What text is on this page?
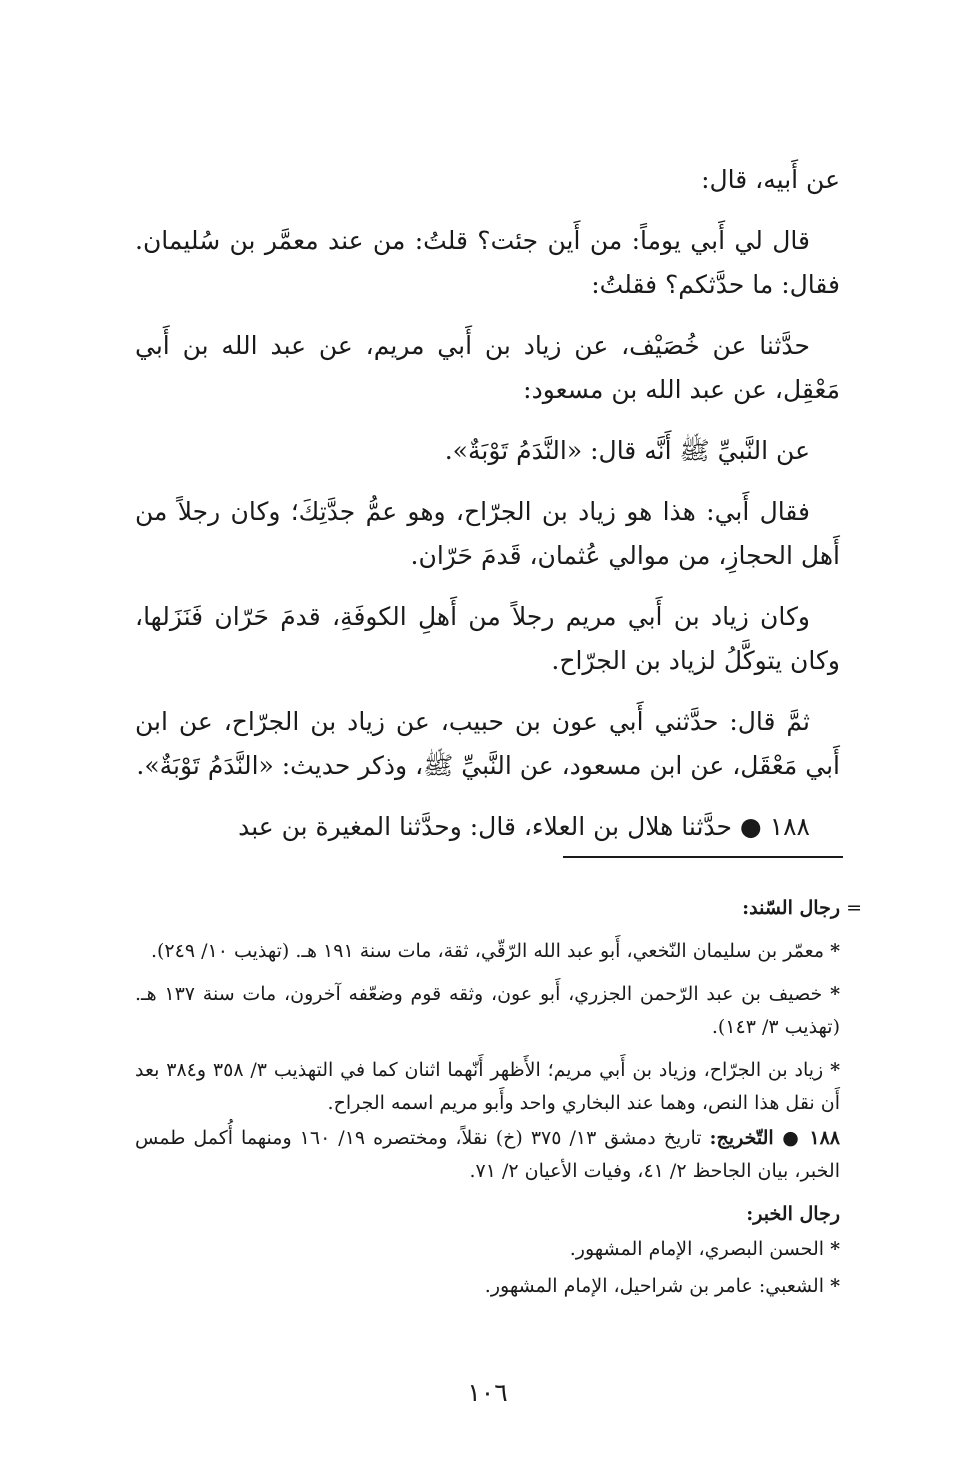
عن أَبيه، قال:

قال لي أَبي يوماً: من أَين جئت؟ قلتُ: من عند معمَّر بن سُليمان. فقال: ما حدَّثكم؟ فقلتُ:

حدَّثنا عن خُصَيْف، عن زياد بن أَبي مريم، عن عبد الله بن أَبي مَعْقِل، عن عبد الله بن مسعود:

عن النَّبيِّ ﷺ أَنَّه قال: «النَّدَمُ تَوْبَةٌ».

فقال أَبي: هذا هو زياد بن الجرّاح، وهو عمُّ جدَّتِكَ؛ وكان رجلاً من أَهل الحجازِ، من موالي عُثمان، قَدمَ حَرّان.

وكان زياد بن أَبي مريم رجلاً من أَهلِ الكوفَةِ، قدمَ حَرّان فَنَزَلها، وكان يتوكَّلُ لزياد بن الجرّاح.

ثمَّ قال: حدَّثني أَبي عون بن حبيب، عن زياد بن الجرّاح، عن ابن أَبي مَعْقَل، عن ابن مسعود، عن النَّبيِّ ﷺ، وذكر حديث: «النَّدَمُ تَوْبَةٌ».

١٨٨ ● حدَّثنا هلال بن العلاء، قال: وحدَّثنا المغيرة بن عبد

=

رجال السّند:

* معمّر بن سليمان النّخعي، أَبو عبد الله الرّقّي، ثقة، مات سنة ١٩١ هـ. (تهذيب ١٠/ ٢٤٩).

* خصيف بن عبد الرّحمن الجزري، أَبو عون، وثقه قوم وضعّفه آخرون، مات سنة ١٣٧ هـ. (تهذيب ٣/ ١٤٣).

* زياد بن الجرّاح، وزياد بن أَبي مريم؛ الأَظهر أَنّهما اثنان كما في التهذيب ٣/ ٣٥٨ و٣٨٤ بعد أَن نقل هذا النص، وهما عند البخاري واحد وأَبو مريم اسمه الجراح.

١٨٨ ● التّخريج: تاريخ دمشق ١٣/ ٣٧٥ (خ) نقلاً، ومختصره ١٩/ ١٦٠ ومنهما أُكمل طمس الخبر، بيان الجاحظ ٢/ ٤١، وفيات الأعيان ٢/ ٧١.

رجال الخبر:

* الحسن البصري، الإمام المشهور.

* الشعبي: عامر بن شراحيل، الإمام المشهور.

١٠٦
